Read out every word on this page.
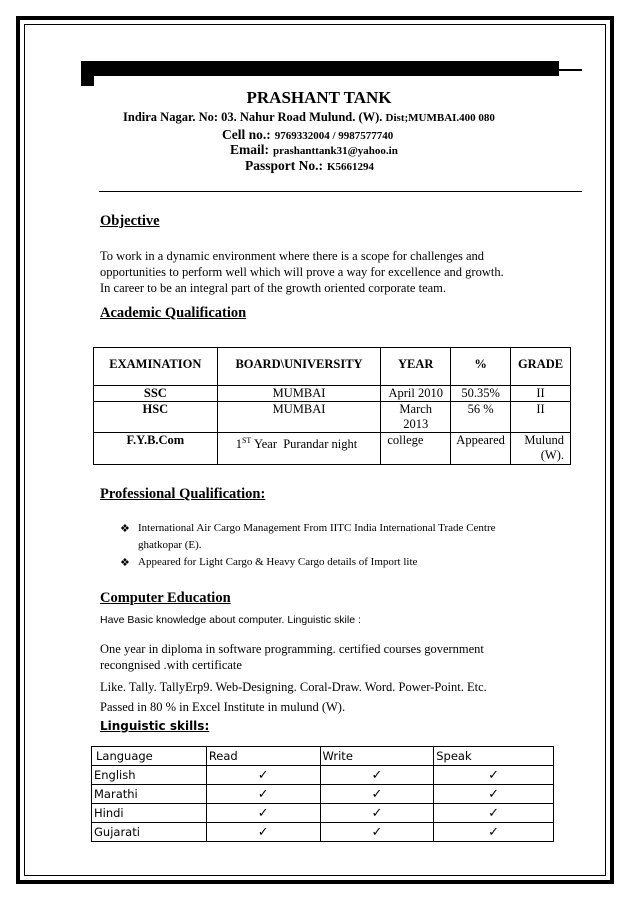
PRASHANT TANK
Indira Nagar. No: 03. Nahur Road Mulund. (W). Dist;MUMBAI.400 080
Cell no.: 9769332004 / 9987577740
Email: prashanttank31@yahoo.in
Passport No.: K5661294
Objective
To work in a dynamic environment where there is a scope for challenges and
opportunities to perform well which will prove a way for excellence and growth.
In career to be an integral part of the growth oriented corporate team.
Academic Qualification
EXAMINATION	BOARD\UNIVERSITY	YEAR	%	GRADE

SSC	MUMBAI	April 2010	50.35%	II
HSC	MUMBAI	March 2013	56 %	II
F.Y.B.Com	1ST Year  Purandar night	college	Appeared	Mulund (W).
Professional Qualification:
❖ International Air Cargo Management From IITC India International Trade Centre
ghatkopar (E).
❖ Appeared for Light Cargo & Heavy Cargo details of Import lite
Computer Education
Have Basic knowledge about computer. Linguistic skile :
One year in diploma in software programming. certified courses government
recongnised .with certificate
Like. Tally. TallyErp9. Web-Designing. Coral-Draw. Word. Power-Point. Etc.
Passed in 80 % in Excel Institute in mulund (W).
Linguistic skills:
Language	Read	Write	Speak
English	✓	✓	✓
Marathi	✓	✓	✓
Hindi	✓	✓	✓
Gujarati	✓	✓	✓
